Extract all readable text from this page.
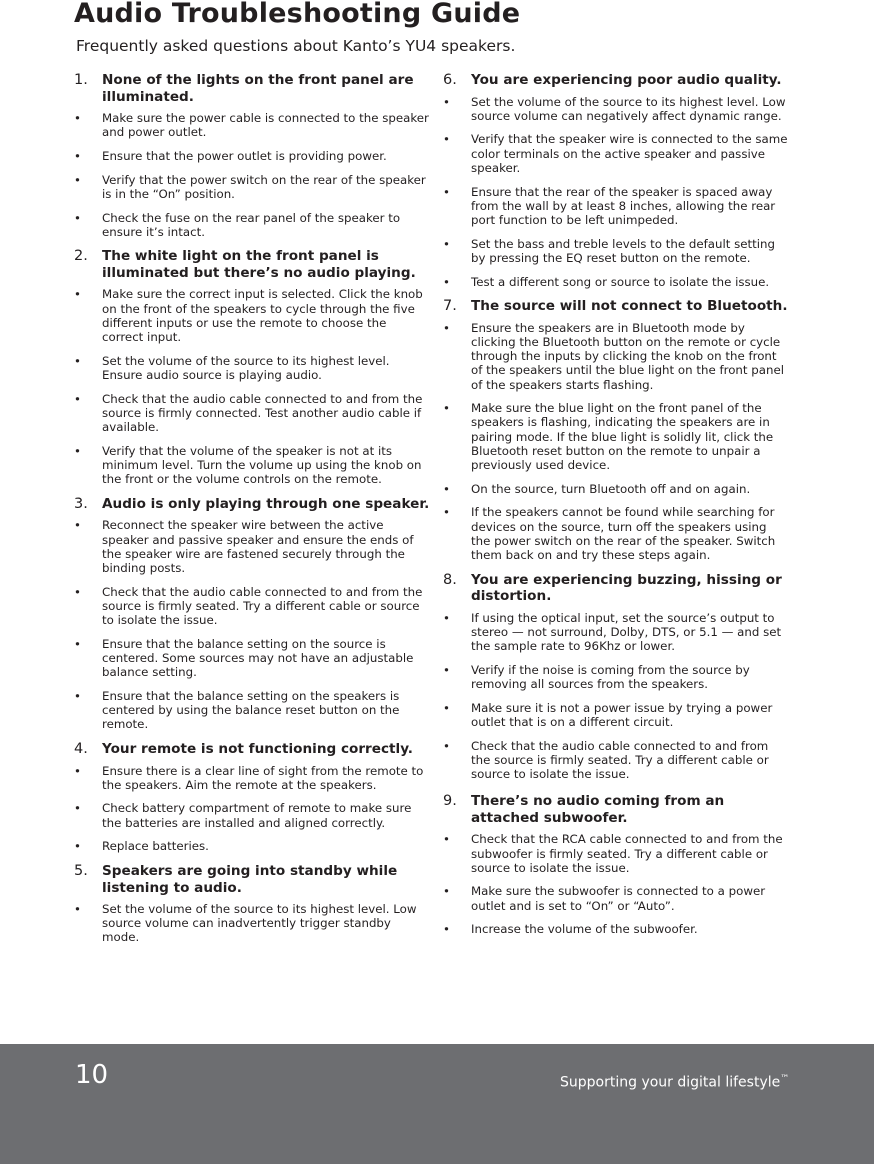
Audio Troubleshooting Guide
Frequently asked questions about Kanto’s YU4 speakers.
1. None of the lights on the front panel are illuminated.
• Make sure the power cable is connected to the speaker and power outlet.
• Ensure that the power outlet is providing power.
• Verify that the power switch on the rear of the speaker is in the “On” position.
• Check the fuse on the rear panel of the speaker to ensure it’s intact.
2. The white light on the front panel is illuminated but there’s no audio playing.
• Make sure the correct input is selected. Click the knob on the front of the speakers to cycle through the five different inputs or use the remote to choose the correct input.
• Set the volume of the source to its highest level. Ensure audio source is playing audio.
• Check that the audio cable connected to and from the source is firmly connected. Test another audio cable if available.
• Verify that the volume of the speaker is not at its minimum level. Turn the volume up using the knob on the front or the volume controls on the remote.
3. Audio is only playing through one speaker.
• Reconnect the speaker wire between the active speaker and passive speaker and ensure the ends of the speaker wire are fastened securely through the binding posts.
• Check that the audio cable connected to and from the source is firmly seated. Try a different cable or source to isolate the issue.
• Ensure that the balance setting on the source is centered. Some sources may not have an adjustable balance setting.
• Ensure that the balance setting on the speakers is centered by using the balance reset button on the remote.
4. Your remote is not functioning correctly.
• Ensure there is a clear line of sight from the remote to the speakers. Aim the remote at the speakers.
• Check battery compartment of remote to make sure the batteries are installed and aligned correctly.
• Replace batteries.
5. Speakers are going into standby while listening to audio.
• Set the volume of the source to its highest level. Low source volume can inadvertently trigger standby mode.
6. You are experiencing poor audio quality.
• Set the volume of the source to its highest level. Low source volume can negatively affect dynamic range.
• Verify that the speaker wire is connected to the same color terminals on the active speaker and passive speaker.
• Ensure that the rear of the speaker is spaced away from the wall by at least 8 inches, allowing the rear port function to be left unimpeded.
• Set the bass and treble levels to the default setting by pressing the EQ reset button on the remote.
• Test a different song or source to isolate the issue.
7. The source will not connect to Bluetooth.
• Ensure the speakers are in Bluetooth mode by clicking the Bluetooth button on the remote or cycle through the inputs by clicking the knob on the front of the speakers until the blue light on the front panel of the speakers starts flashing.
• Make sure the blue light on the front panel of the speakers is flashing, indicating the speakers are in pairing mode. If the blue light is solidly lit, click the Bluetooth reset button on the remote to unpair a previously used device.
• On the source, turn Bluetooth off and on again.
• If the speakers cannot be found while searching for devices on the source, turn off the speakers using the power switch on the rear of the speaker. Switch them back on and try these steps again.
8. You are experiencing buzzing, hissing or distortion.
• If using the optical input, set the source’s output to stereo — not surround, Dolby, DTS, or 5.1 — and set the sample rate to 96Khz or lower.
• Verify if the noise is coming from the source by removing all sources from the speakers.
• Make sure it is not a power issue by trying a power outlet that is on a different circuit.
• Check that the audio cable connected to and from the source is firmly seated. Try a different cable or source to isolate the issue.
9. There’s no audio coming from an attached subwoofer.
• Check that the RCA cable connected to and from the subwoofer is firmly seated. Try a different cable or source to isolate the issue.
• Make sure the subwoofer is connected to a power outlet and is set to “On” or “Auto”.
• Increase the volume of the subwoofer.
10	Supporting your digital lifestyle™
